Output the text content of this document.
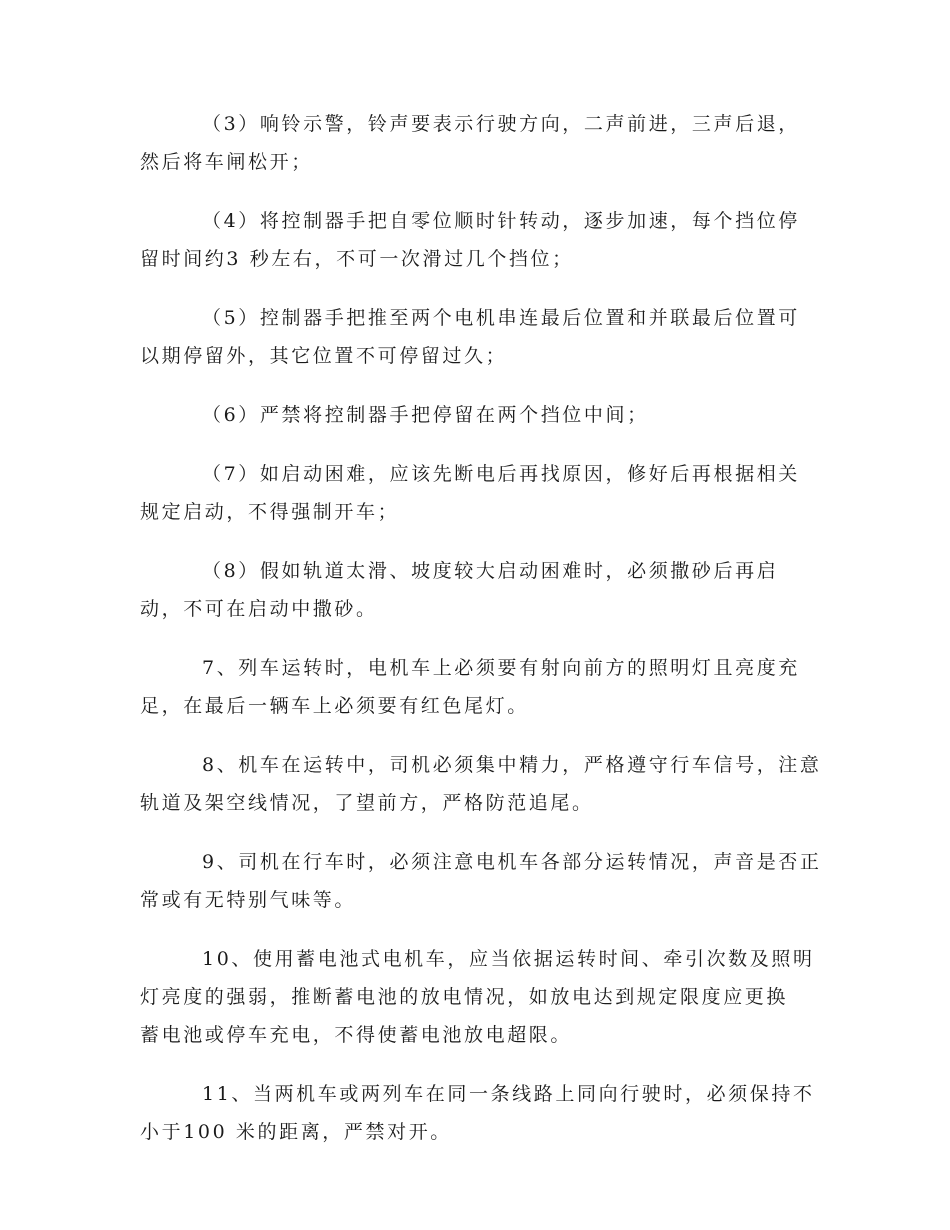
（3）响铃示警，铃声要表示行驶方向，二声前进，三声后退，
然后将车闸松开；

（4）将控制器手把自零位顺时针转动，逐步加速，每个挡位停
留时间约3 秒左右，不可一次滑过几个挡位；

（5）控制器手把推至两个电机串连最后位置和并联最后位置可
以期停留外，其它位置不可停留过久；

（6）严禁将控制器手把停留在两个挡位中间；

（7）如启动困难，应该先断电后再找原因，修好后再根据相关
规定启动，不得强制开车；

（8）假如轨道太滑、坡度较大启动困难时，必须撒砂后再启
动，不可在启动中撒砂。

7、列车运转时，电机车上必须要有射向前方的照明灯且亮度充
足，在最后一辆车上必须要有红色尾灯。

8、机车在运转中，司机必须集中精力，严格遵守行车信号，注意
轨道及架空线情况，了望前方，严格防范追尾。

9、司机在行车时，必须注意电机车各部分运转情况，声音是否正
常或有无特别气味等。

10、使用蓄电池式电机车，应当依据运转时间、牵引次数及照明
灯亮度的强弱，推断蓄电池的放电情况，如放电达到规定限度应更换
蓄电池或停车充电，不得使蓄电池放电超限。

11、当两机车或两列车在同一条线路上同向行驶时，必须保持不
小于100 米的距离，严禁对开。
